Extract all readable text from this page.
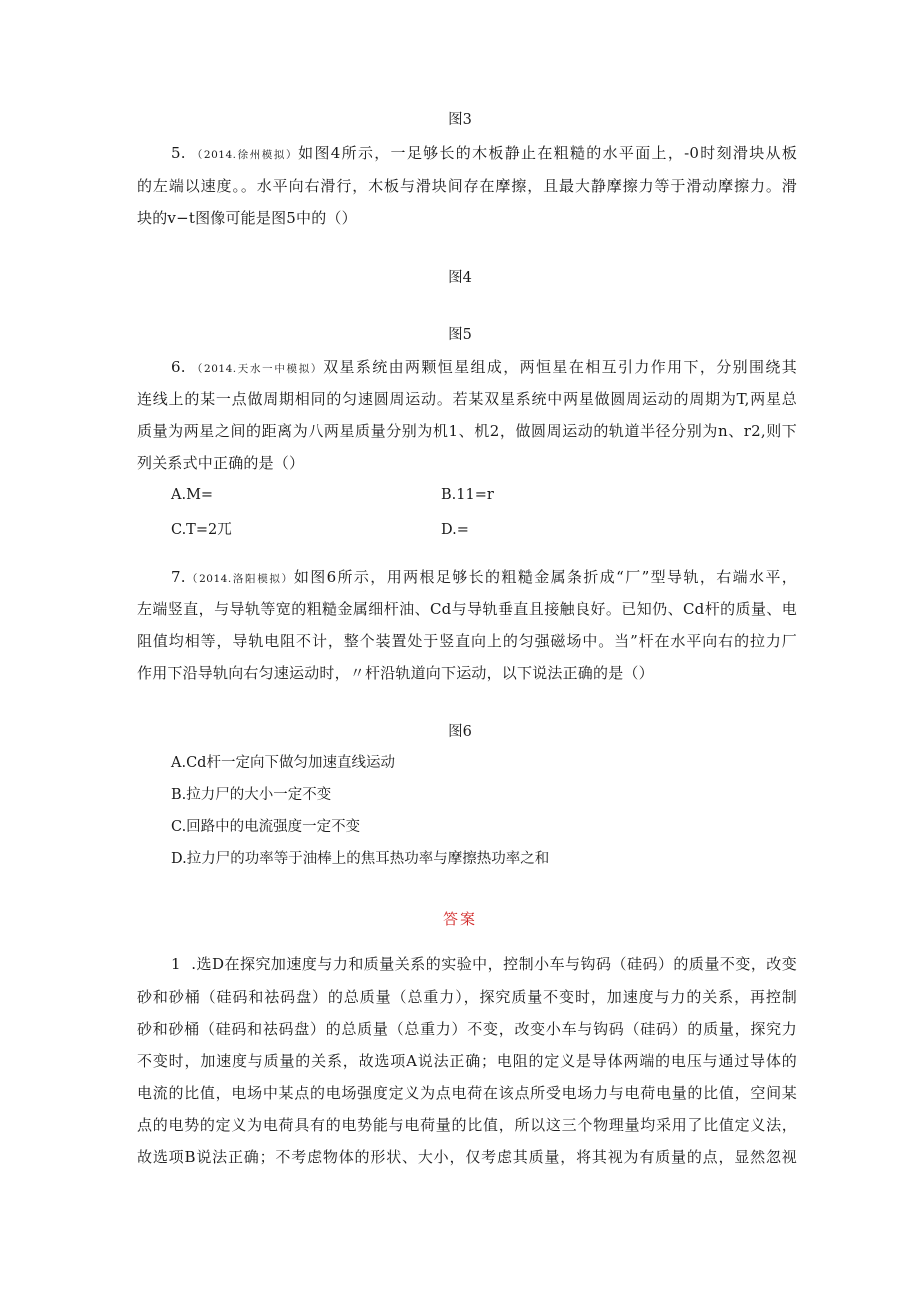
图3
5. （2014.徐州模拟）如图4所示，一足够长的木板静止在粗糙的水平面上，-0时刻滑块从板
的左端以速度。。水平向右滑行，木板与滑块间存在摩擦，且最大静摩擦力等于滑动摩擦力。滑
块的v−t图像可能是图5中的（）
图4
图5
6. （2014.天水一中模拟）双星系统由两颗恒星组成，两恒星在相互引力作用下，分别围绕其
连线上的某一点做周期相同的匀速圆周运动。若某双星系统中两星做圆周运动的周期为T,两星总
质量为两星之间的距离为八两星质量分别为机1、机2，做圆周运动的轨道半径分别为n、r2,则下
列关系式中正确的是（）
A.M=	B.11=r
C.T=2兀	D.=
7.（2014.洛阳模拟）如图6所示，用两根足够长的粗糙金属条折成“厂”型导轨，右端水平，
左端竖直，与导轨等宽的粗糙金属细杆油、Cd与导轨垂直且接触良好。已知仍、Cd杆的质量、电
阻值均相等，导轨电阻不计，整个装置处于竖直向上的匀强磁场中。当”杆在水平向右的拉力厂
作用下沿导轨向右匀速运动时，〃杆沿轨道向下运动，以下说法正确的是（）
图6
A.Cd杆一定向下做匀加速直线运动
B.拉力尸的大小一定不变
C.回路中的电流强度一定不变
D.拉力尸的功率等于油棒上的焦耳热功率与摩擦热功率之和
答案
1 .选D在探究加速度与力和质量关系的实验中，控制小车与钩码（硅码）的质量不变，改变
砂和砂桶（硅码和祛码盘）的总质量（总重力），探究质量不变时，加速度与力的关系，再控制
砂和砂桶（硅码和祛码盘）的总质量（总重力）不变，改变小车与钩码（硅码）的质量，探究力
不变时，加速度与质量的关系，故选项A说法正确；电阻的定义是导体两端的电压与通过导体的
电流的比值，电场中某点的电场强度定义为点电荷在该点所受电场力与电荷电量的比值，空间某
点的电势的定义为电荷具有的电势能与电荷量的比值，所以这三个物理量均采用了比值定义法，
故选项B说法正确；不考虑物体的形状、大小，仅考虑其质量，将其视为有质量的点，显然忽视
